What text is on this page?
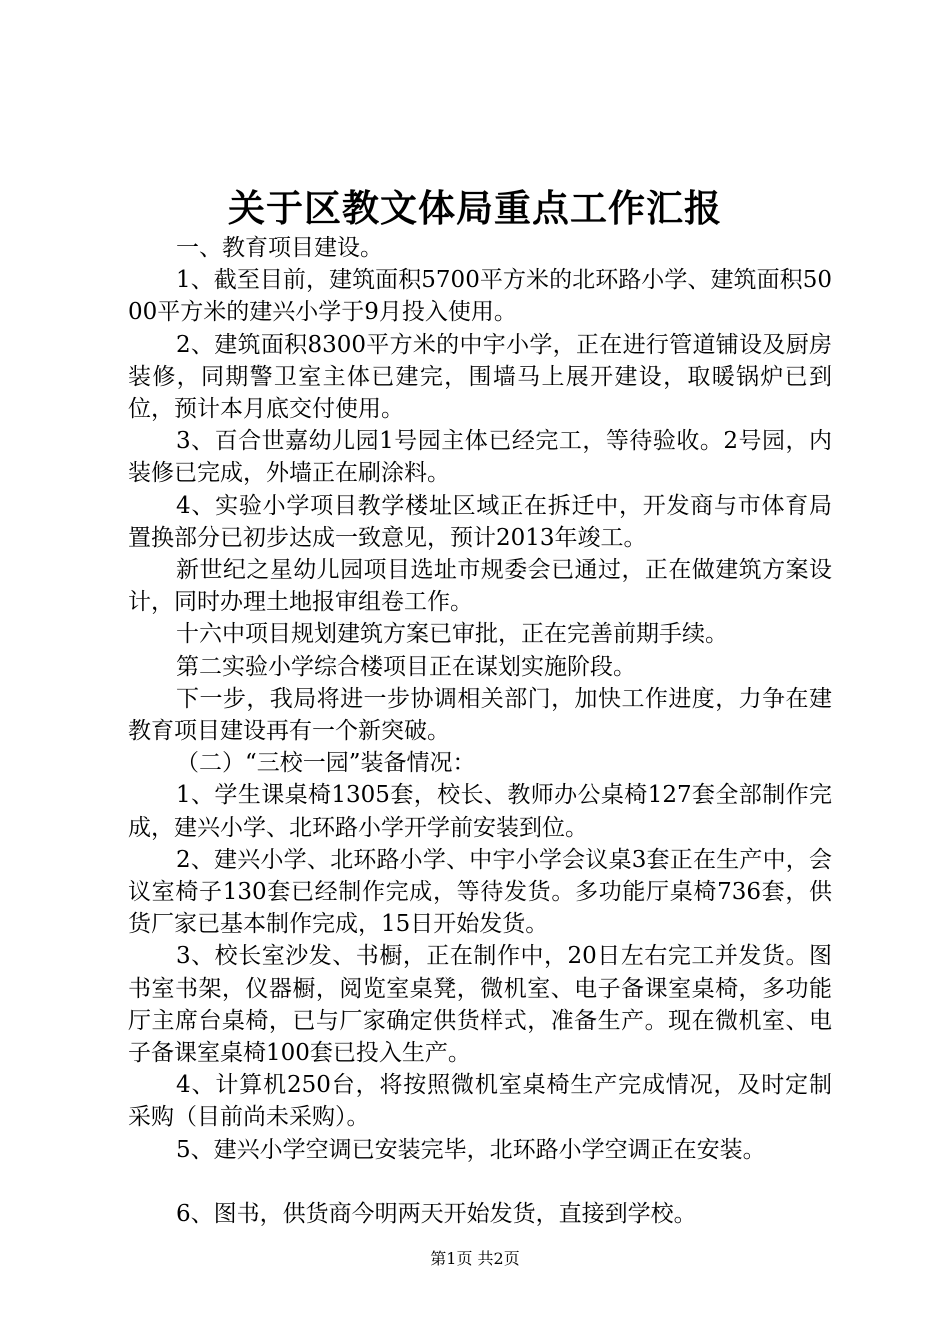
关于区教文体局重点工作汇报

一、教育项目建设。

1、截至目前，建筑面积5700平方米的北环路小学、建筑面积5000平方米的建兴小学于9月投入使用。

2、建筑面积8300平方米的中宇小学，正在进行管道铺设及厨房装修，同期警卫室主体已建完，围墙马上展开建设，取暖锅炉已到位，预计本月底交付使用。

3、百合世嘉幼儿园1号园主体已经完工，等待验收。2号园，内装修已完成，外墙正在刷涂料。

4、实验小学项目教学楼址区域正在拆迁中，开发商与市体育局置换部分已初步达成一致意见，预计2013年竣工。

新世纪之星幼儿园项目选址市规委会已通过，正在做建筑方案设计，同时办理土地报审组卷工作。

十六中项目规划建筑方案已审批，正在完善前期手续。

第二实验小学综合楼项目正在谋划实施阶段。

下一步，我局将进一步协调相关部门，加快工作进度，力争在建教育项目建设再有一个新突破。

（二）“三校一园”装备情况：

1、学生课桌椅1305套，校长、教师办公桌椅127套全部制作完成，建兴小学、北环路小学开学前安装到位。

2、建兴小学、北环路小学、中宇小学会议桌3套正在生产中，会议室椅子130套已经制作完成，等待发货。多功能厅桌椅736套，供货厂家已基本制作完成，15日开始发货。

3、校长室沙发、书橱，正在制作中，20日左右完工并发货。图书室书架，仪器橱，阅览室桌凳，微机室、电子备课室桌椅，多功能厅主席台桌椅，已与厂家确定供货样式，准备生产。现在微机室、电子备课室桌椅100套已投入生产。

4、计算机250台，将按照微机室桌椅生产完成情况，及时定制采购（目前尚未采购）。

5、建兴小学空调已安装完毕，北环路小学空调正在安装。

6、图书，供货商今明两天开始发货，直接到学校。

第1页 共2页
